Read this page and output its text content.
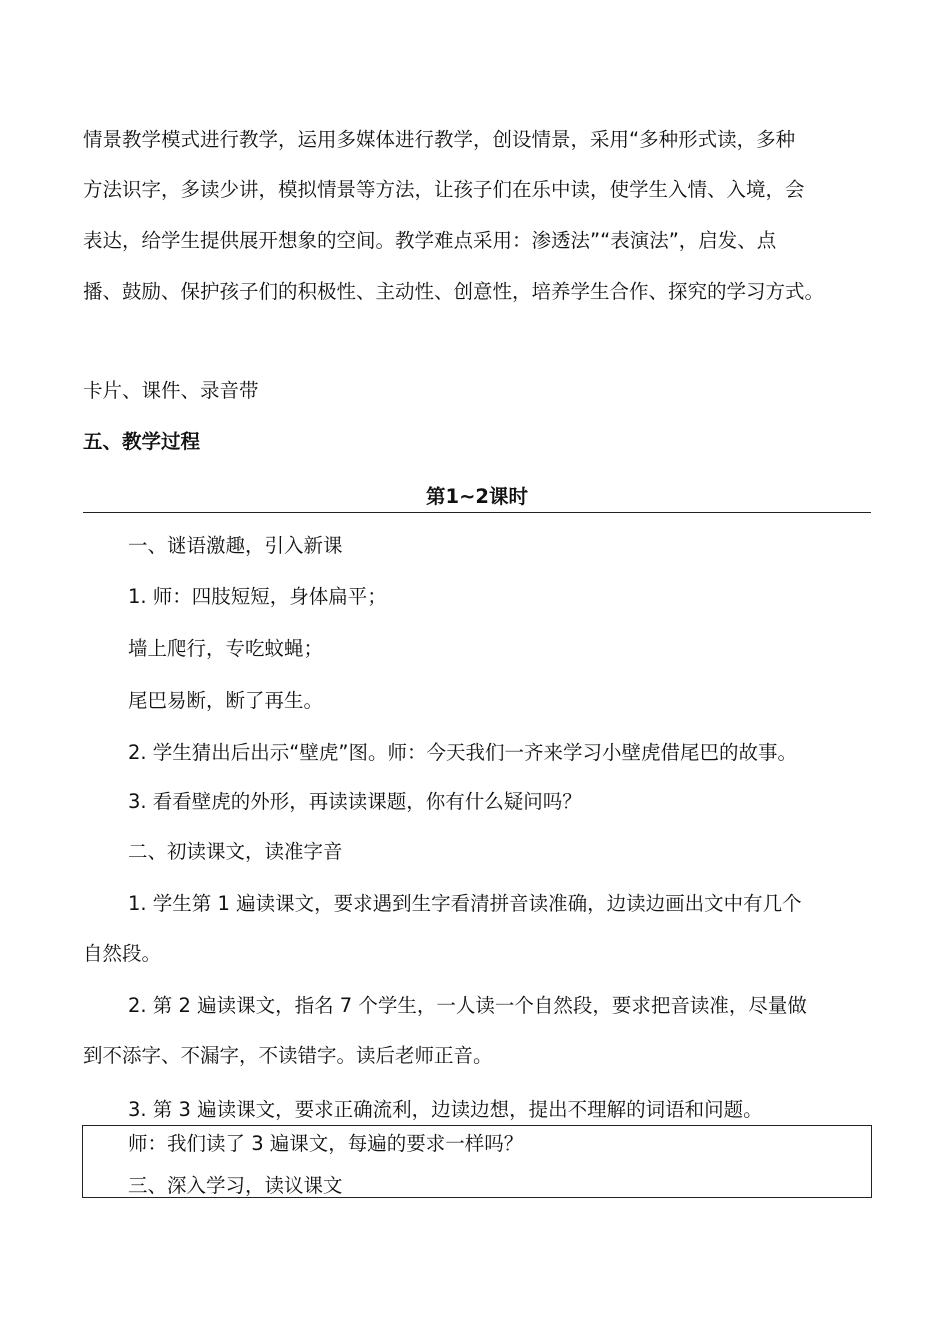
情景教学模式进行教学，运用多媒体进行教学，创设情景，采用“多种形式读，多种
方法识字，多读少讲，模拟情景等方法，让孩子们在乐中读，使学生入情、入境，会
表达，给学生提供展开想象的空间。教学难点采用：渗透法”“表演法”，启发、点
播、鼓励、保护孩子们的积极性、主动性、创意性，培养学生合作、探究的学习方式。
卡片、课件、录音带
五、教学过程
第1~2课时
一、谜语激趣，引入新课
1. 师：四肢短短，身体扁平；
墙上爬行，专吃蚊蝇；
尾巴易断，断了再生。
2. 学生猜出后出示“壁虎”图。师：今天我们一齐来学习小壁虎借尾巴的故事。
3. 看看壁虎的外形，再读读课题，你有什么疑问吗？
二、初读课文，读准字音
1. 学生第 1 遍读课文，要求遇到生字看清拼音读准确，边读边画出文中有几个
自然段。
2. 第 2 遍读课文，指名 7 个学生，一人读一个自然段，要求把音读准，尽量做
到不添字、不漏字，不读错字。读后老师正音。
3. 第 3 遍读课文，要求正确流利，边读边想，提出不理解的词语和问题。
师：我们读了 3 遍课文，每遍的要求一样吗？
三、深入学习，读议课文
